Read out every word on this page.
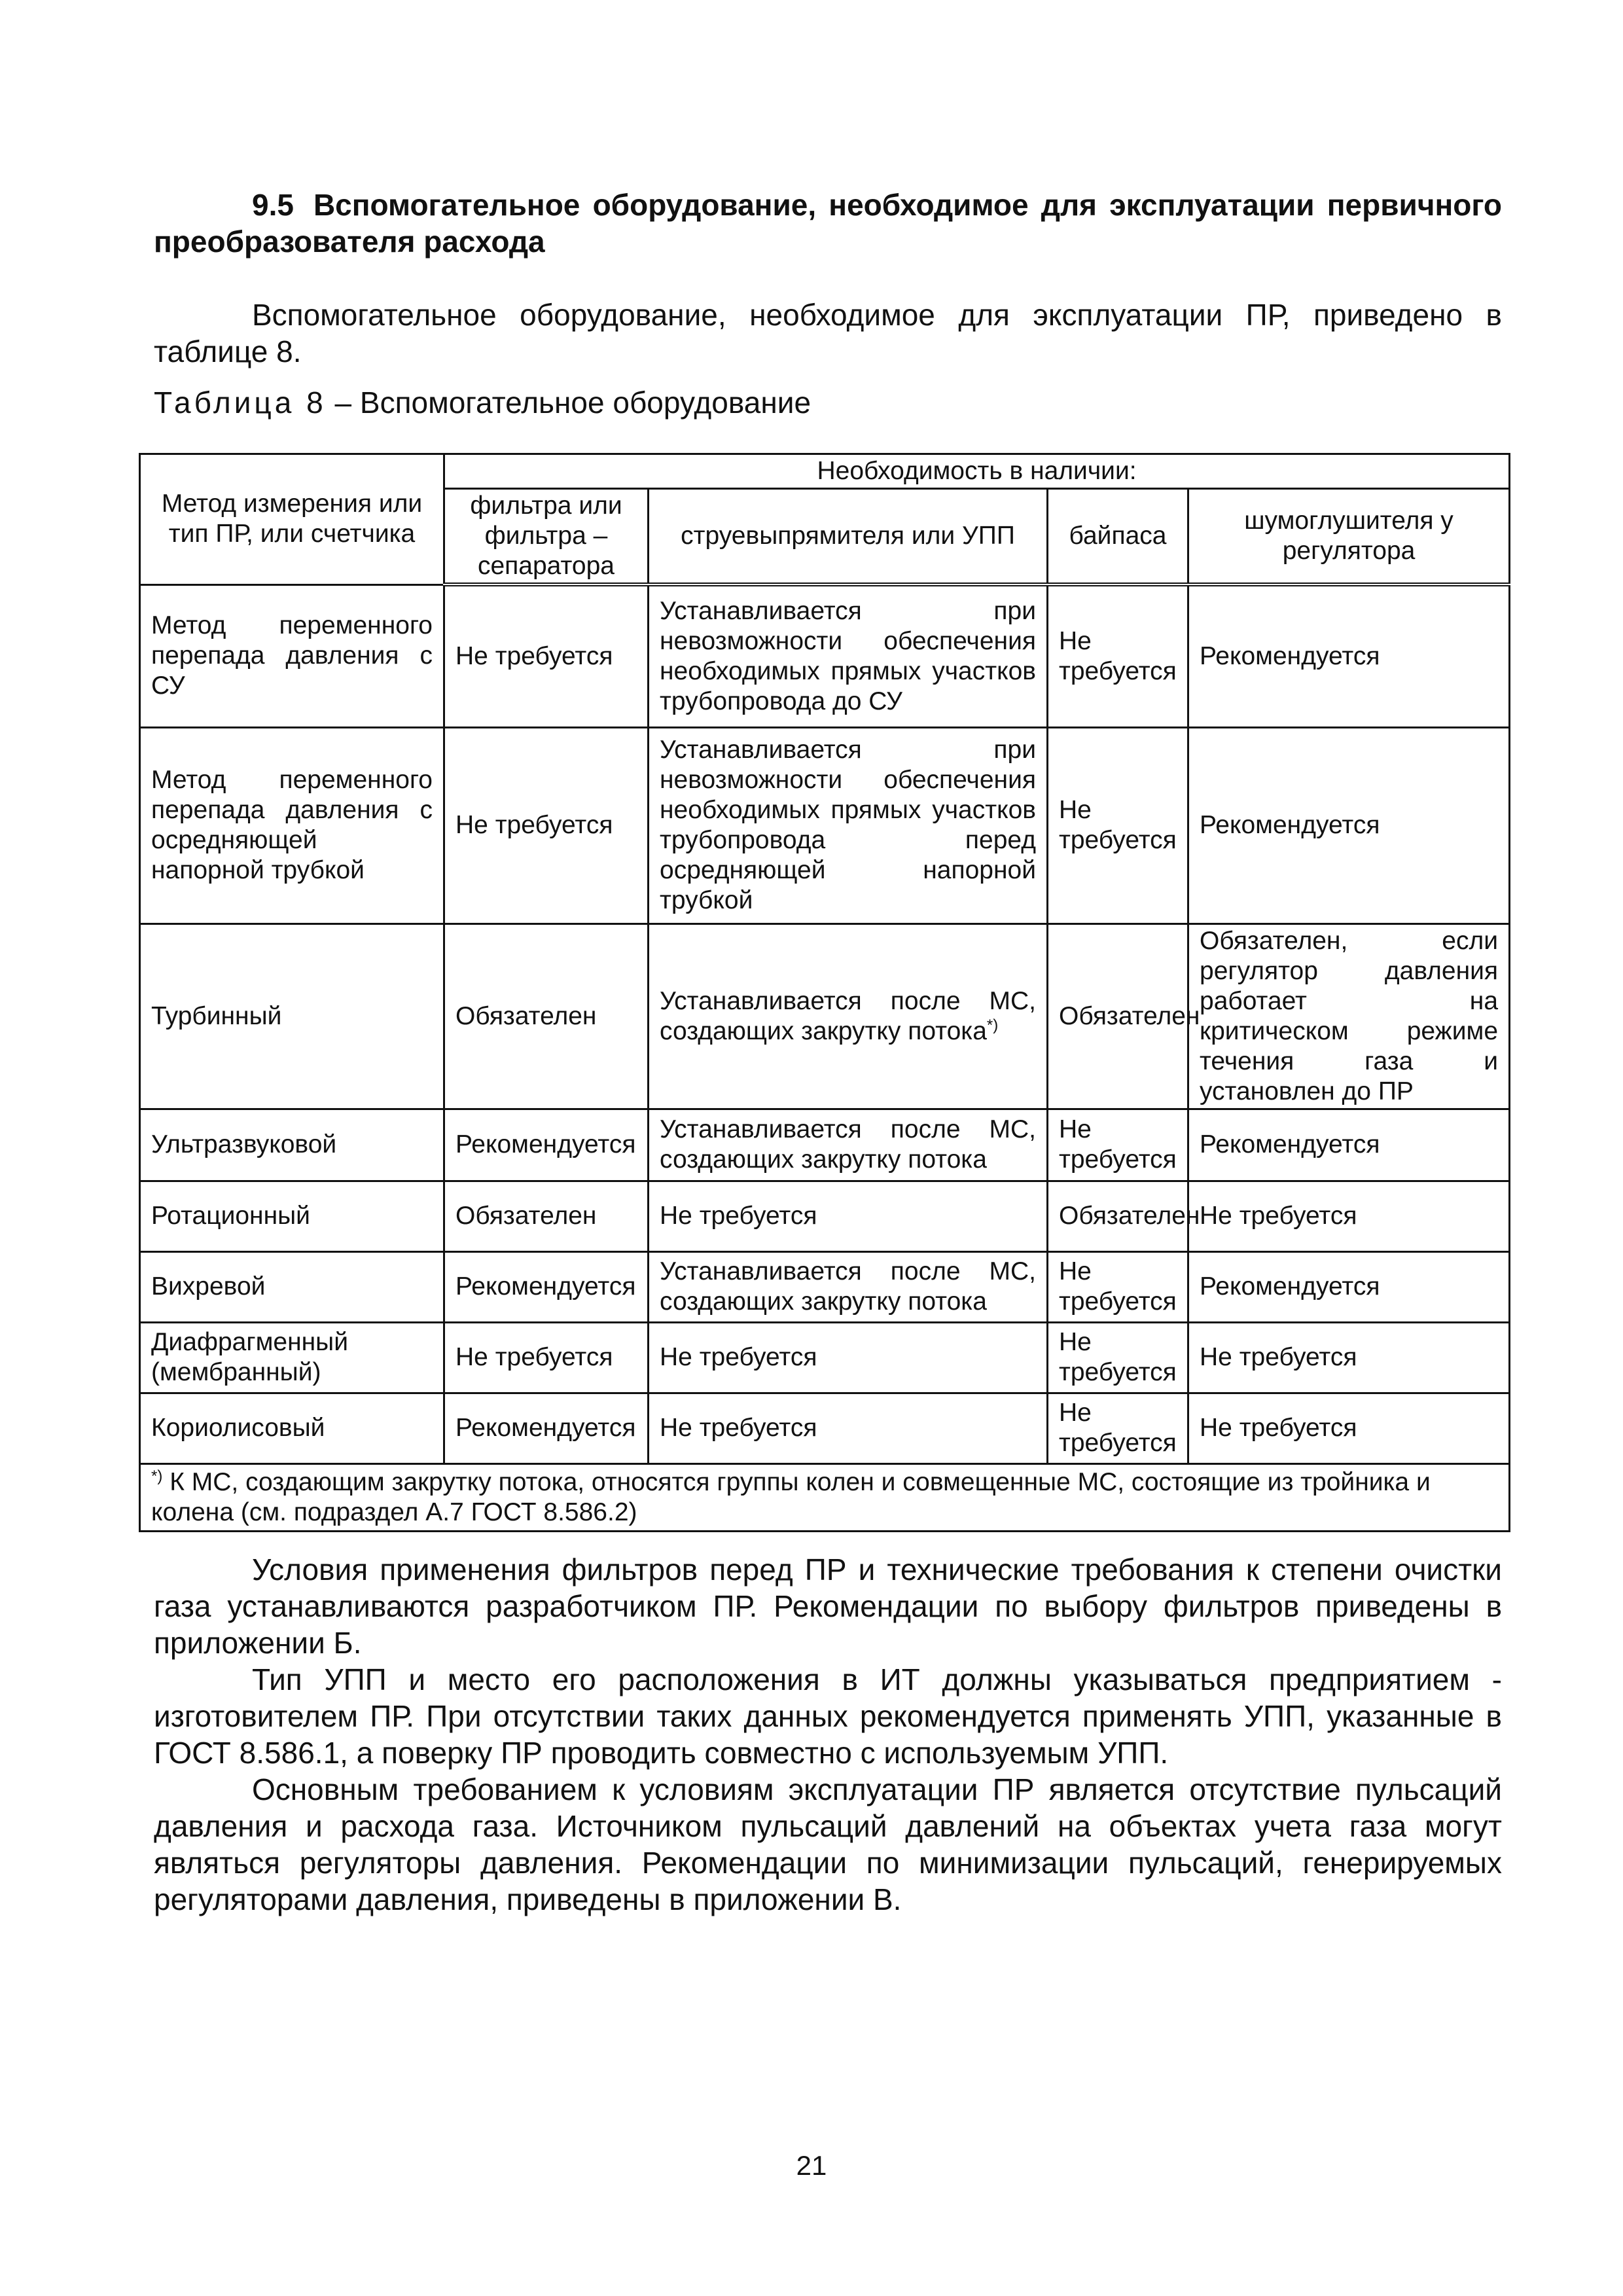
9.5 Вспомогательное оборудование, необходимое для эксплуатации первичного преобразователя расхода

Вспомогательное оборудование, необходимое для эксплуатации ПР, приведено в таблице 8.

Таблица 8 – Вспомогательное оборудование

Метод измерения или тип ПР, или счетчика	Необходимость в наличии:			
	фильтра или фильтра – сепаратора	струевыпрямителя или УПП	байпаса	шумоглушителя у регулятора
Метод переменного перепада давления с СУ	Не требуется	Устанавливается при невозможности обеспечения необходимых прямых участков трубопровода до СУ	Не требуется	Рекомендуется
Метод переменного перепада давления с осредняющей напорной трубкой	Не требуется	Устанавливается при невозможности обеспечения необходимых прямых участков трубопровода перед осредняющей напорной трубкой	Не требуется	Рекомендуется
Турбинный	Обязателен	Устанавливается после МС, создающих закрутку потока*)	Обязателен	Обязателен, если регулятор давления работает на критическом режиме течения газа и установлен до ПР
Ультразвуковой	Рекомендуется	Устанавливается после МС, создающих закрутку потока	Не требуется	Рекомендуется
Ротационный	Обязателен	Не требуется	Обязателен	Не требуется
Вихревой	Рекомендуется	Устанавливается после МС, создающих закрутку потока	Не требуется	Рекомендуется
Диафрагменный (мембранный)	Не требуется	Не требуется	Не требуется	Не требуется
Кориолисовый	Рекомендуется	Не требуется	Не требуется	Не требуется
*) К МС, создающим закрутку потока, относятся группы колен и совмещенные МС, состоящие из тройника и колена (см. подраздел А.7 ГОСТ 8.586.2)				

Условия применения фильтров перед ПР и технические требования к степени очистки газа устанавливаются разработчиком ПР. Рекомендации по выбору фильтров приведены в приложении Б.

Тип УПП и место его расположения в ИТ должны указываться предприятием - изготовителем ПР. При отсутствии таких данных рекомендуется применять УПП, указанные в ГОСТ 8.586.1, а поверку ПР проводить совместно с используемым УПП.

Основным требованием к условиям эксплуатации ПР является отсутствие пульсаций давления и расхода газа. Источником пульсаций давлений на объектах учета газа могут являться регуляторы давления. Рекомендации по минимизации пульсаций, генерируемых регуляторами давления, приведены в приложении В.

21
